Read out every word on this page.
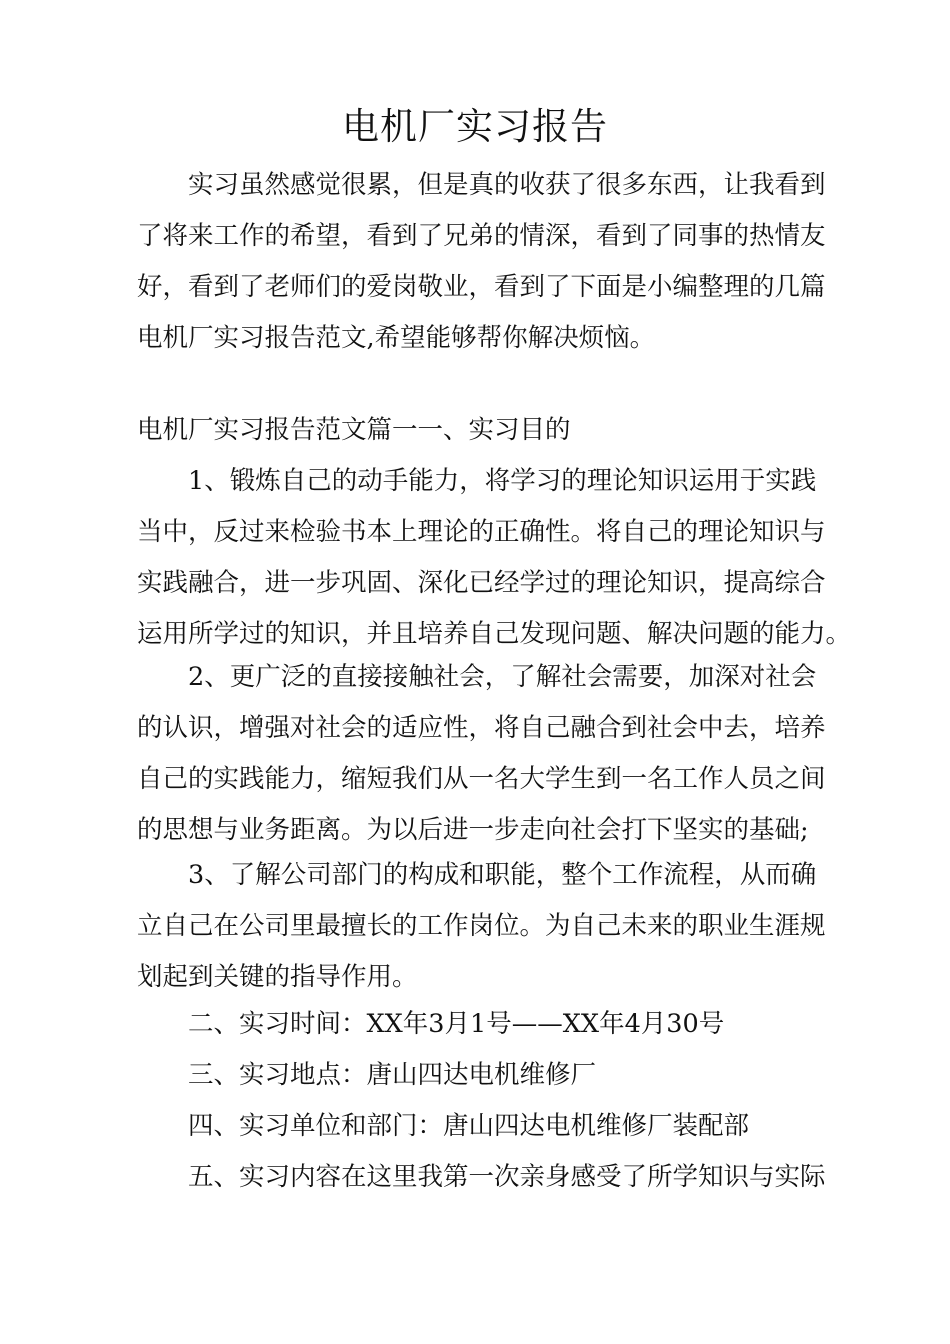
电机厂实习报告
实习虽然感觉很累，但是真的收获了很多东西，让我看到
了将来工作的希望，看到了兄弟的情深，看到了同事的热情友
好，看到了老师们的爱岗敬业，看到了下面是小编整理的几篇
电机厂实习报告范文,希望能够帮你解决烦恼。
电机厂实习报告范文篇一一、实习目的
1、锻炼自己的动手能力，将学习的理论知识运用于实践
当中，反过来检验书本上理论的正确性。将自己的理论知识与
实践融合，进一步巩固、深化已经学过的理论知识，提高综合
运用所学过的知识，并且培养自己发现问题、解决问题的能力。
2、更广泛的直接接触社会，了解社会需要，加深对社会
的认识，增强对社会的适应性，将自己融合到社会中去，培养
自己的实践能力，缩短我们从一名大学生到一名工作人员之间
的思想与业务距离。为以后进一步走向社会打下坚实的基础;
3、了解公司部门的构成和职能，整个工作流程，从而确
立自己在公司里最擅长的工作岗位。为自己未来的职业生涯规
划起到关键的指导作用。
二、实习时间：XX年3月1号——XX年4月30号
三、实习地点：唐山四达电机维修厂
四、实习单位和部门：唐山四达电机维修厂装配部
五、实习内容在这里我第一次亲身感受了所学知识与实际
